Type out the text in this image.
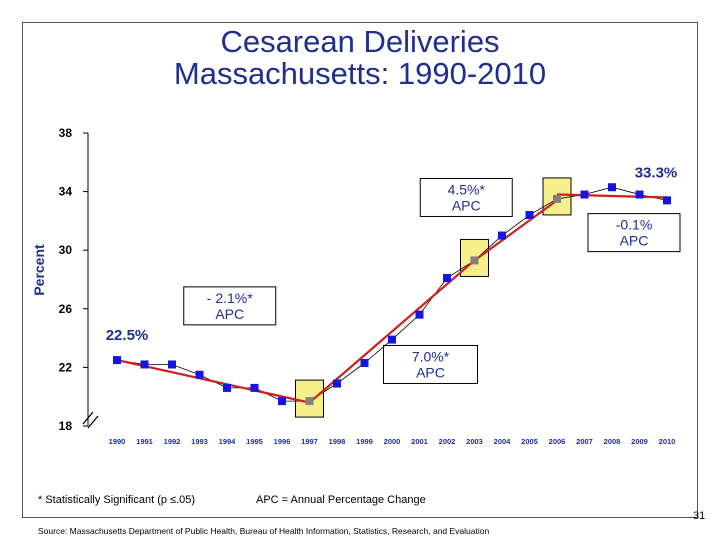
Cesarean Deliveries
Massachusetts: 1990-2010
18
22
26
30
34
38
Percent
1990 1991 1992 1993 1994 1995 1996 1997 1998 1999 2000 2001 2002 2003 2004 2005 2006 2007 2008 2009 2010
- 2.1%*
APC
7.0%*
APC
4.5%*
APC
-0.1%
APC
22.5%
33.3%
* Statistically Significant (p ≤.05)	APC = Annual Percentage Change
Source: Massachusetts Department of Public Health, Bureau of Health Information, Statistics, Research, and Evaluation
31
